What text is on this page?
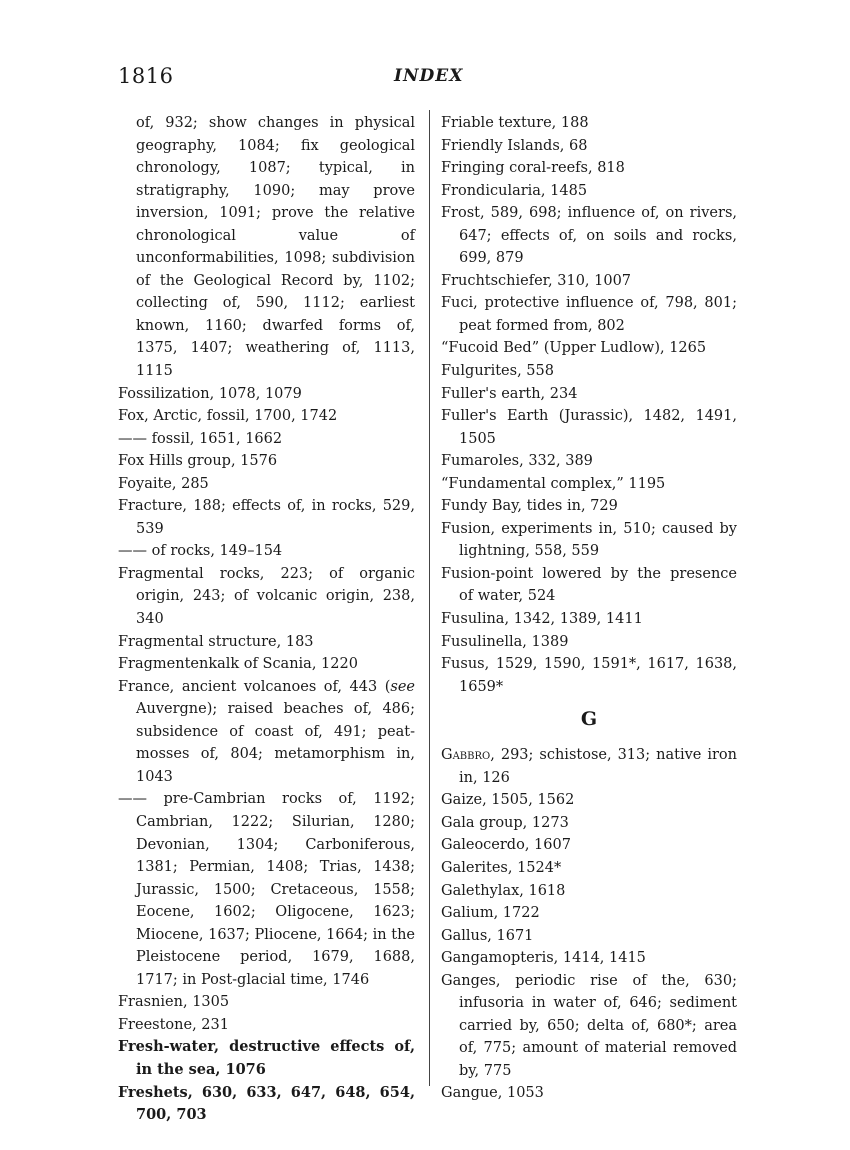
1816	INDEX

of, 932; show changes in physical geography, 1084; fix geological chronology, 1087; typical, in stratigraphy, 1090; may prove inversion, 1091; prove the relative chronological value of unconformabilities, 1098; subdivision of the Geological Record by, 1102; collecting of, 590, 1112; earliest known, 1160; dwarfed forms of, 1375, 1407; weathering of, 1113, 1115

Fossilization, 1078, 1079

Fox, Arctic, fossil, 1700, 1742

—— fossil, 1651, 1662

Fox Hills group, 1576

Foyaite, 285

Fracture, 188; effects of, in rocks, 529, 539

—— of rocks, 149–154

Fragmental rocks, 223; of organic origin, 243; of volcanic origin, 238, 340

Fragmental structure, 183

Fragmentenkalk of Scania, 1220

France, ancient volcanoes of, 443 (see Auvergne); raised beaches of, 486; subsidence of coast of, 491; peat-mosses of, 804; metamorphism in, 1043

—— pre-Cambrian rocks of, 1192; Cambrian, 1222; Silurian, 1280; Devonian, 1304; Carboniferous, 1381; Permian, 1408; Trias, 1438; Jurassic, 1500; Cretaceous, 1558; Eocene, 1602; Oligocene, 1623; Miocene, 1637; Pliocene, 1664; in the Pleistocene period, 1679, 1688, 1717; in Post-glacial time, 1746

Frasnien, 1305

Freestone, 231

Fresh-water, destructive effects of, in the sea, 1076

Freshets, 630, 633, 647, 648, 654, 700, 703

Friable texture, 188

Friendly Islands, 68

Fringing coral-reefs, 818

Frondicularia, 1485

Frost, 589, 698; influence of, on rivers, 647; effects of, on soils and rocks, 699, 879

Fruchtschiefer, 310, 1007

Fuci, protective influence of, 798, 801; peat formed from, 802

“Fucoid Bed” (Upper Ludlow), 1265

Fulgurites, 558

Fuller's earth, 234

Fuller's Earth (Jurassic), 1482, 1491, 1505

Fumaroles, 332, 389

“Fundamental complex,” 1195

Fundy Bay, tides in, 729

Fusion, experiments in, 510; caused by lightning, 558, 559

Fusion-point lowered by the presence of water, 524

Fusulina, 1342, 1389, 1411

Fusulinella, 1389

Fusus, 1529, 1590, 1591*, 1617, 1638, 1659*

G

Gabbro, 293; schistose, 313; native iron in, 126

Gaize, 1505, 1562

Gala group, 1273

Galeocerdo, 1607

Galerites, 1524*

Galethylax, 1618

Galium, 1722

Gallus, 1671

Gangamopteris, 1414, 1415

Ganges, periodic rise of the, 630; infusoria in water of, 646; sediment carried by, 650; delta of, 680*; area of, 775; amount of material removed by, 775

Gangue, 1053
